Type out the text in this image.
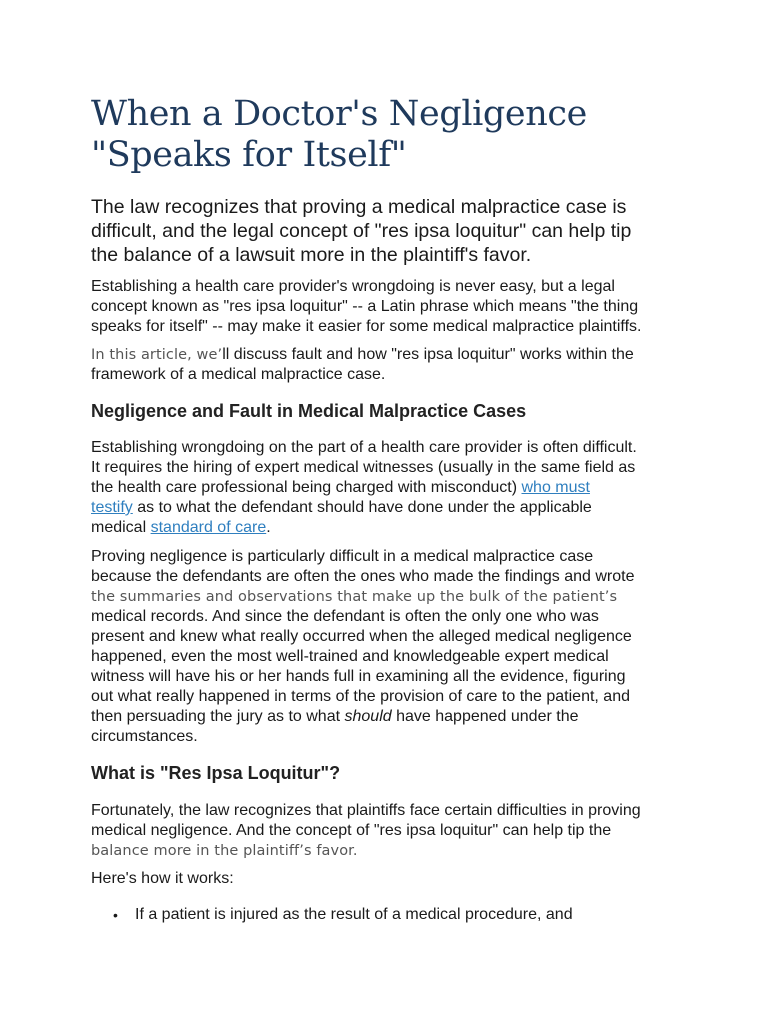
When a Doctor's Negligence
"Speaks for Itself"

The law recognizes that proving a medical malpractice case is
difficult, and the legal concept of "res ipsa loquitur" can help tip
the balance of a lawsuit more in the plaintiff's favor.

Establishing a health care provider's wrongdoing is never easy, but a legal
concept known as "res ipsa loquitur" -- a Latin phrase which means "the thing
speaks for itself" -- may make it easier for some medical malpractice plaintiffs.

In this article, we’ll discuss fault and how "res ipsa loquitur" works within the
framework of a medical malpractice case.

Negligence and Fault in Medical Malpractice Cases

Establishing wrongdoing on the part of a health care provider is often difficult.
It requires the hiring of expert medical witnesses (usually in the same field as
the health care professional being charged with misconduct) who must
testify as to what the defendant should have done under the applicable
medical standard of care.

Proving negligence is particularly difficult in a medical malpractice case
because the defendants are often the ones who made the findings and wrote
the summaries and observations that make up the bulk of the patient’s
medical records. And since the defendant is often the only one who was
present and knew what really occurred when the alleged medical negligence
happened, even the most well-trained and knowledgeable expert medical
witness will have his or her hands full in examining all the evidence, figuring
out what really happened in terms of the provision of care to the patient, and
then persuading the jury as to what should have happened under the
circumstances.

What is "Res Ipsa Loquitur"?

Fortunately, the law recognizes that plaintiffs face certain difficulties in proving
medical negligence. And the concept of "res ipsa loquitur" can help tip the
balance more in the plaintiff’s favor.

Here's how it works:

• If a patient is injured as the result of a medical procedure, and
